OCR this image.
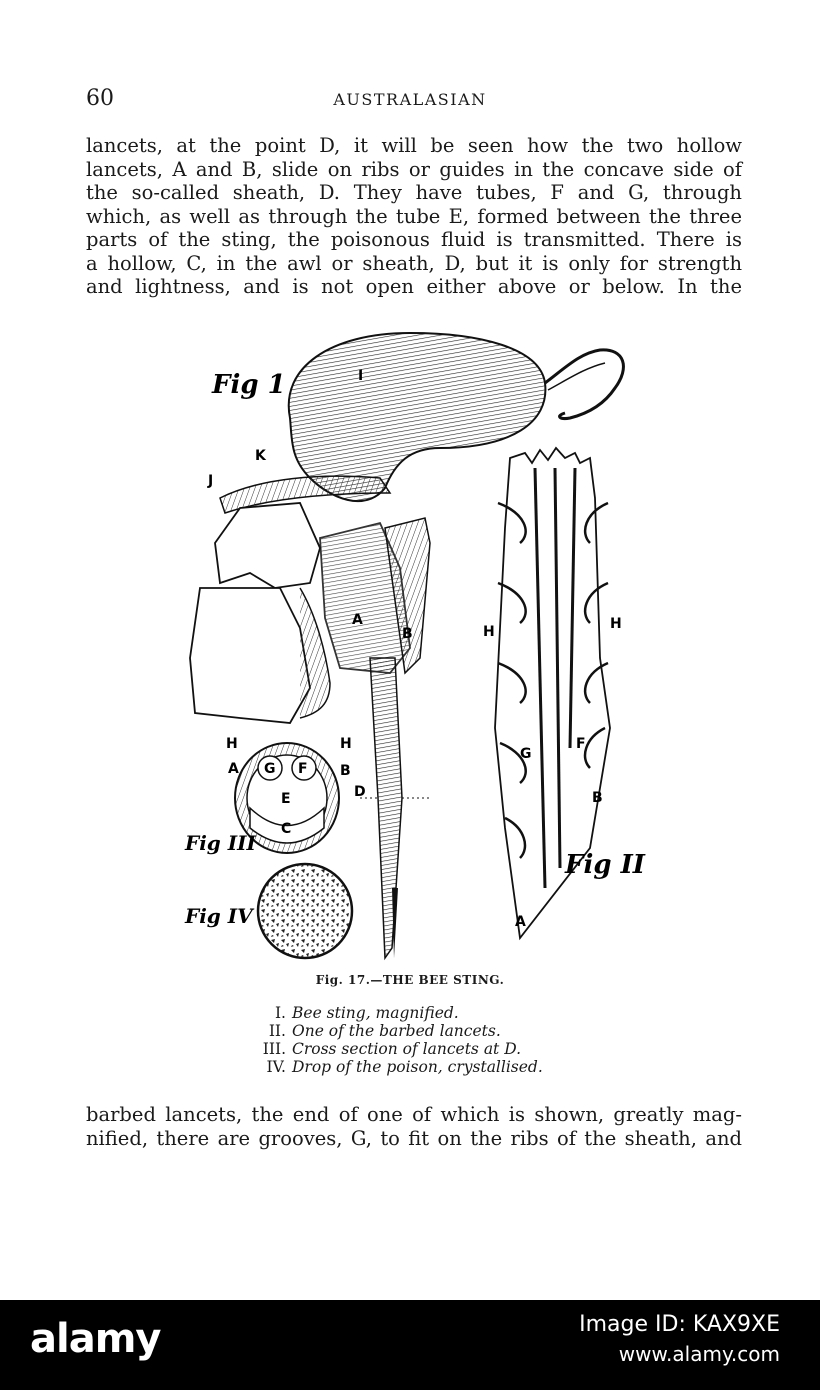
60	AUSTRALASIAN
lancets, at the point D, it will be seen how the two hollow
lancets, A and B, slide on ribs or guides in the concave side of
the so-called sheath, D. They have tubes, F and G, through
which, as well as through the tube E, formed between the three
parts of the sting, the poisonous fluid is transmitted. There is
a hollow, C, in the awl or sheath, D, but it is only for strength
and lightness, and is not open either above or below. In the
Fig 1
Fig II
Fig III
Fig IV
I
K
J
A
B
D
H	H
G
F
B
A
H	H
A	B
G F
E
C
Fig. 17.—THE BEE STING.
I. Bee sting, magnified.
II. One of the barbed lancets.
III. Cross section of lancets at D.
IV. Drop of the poison, crystallised.
barbed lancets, the end of one of which is shown, greatly mag-
nified, there are grooves, G, to fit on the ribs of the sheath, and
alamy	Image ID: KAX9XE
www.alamy.com
